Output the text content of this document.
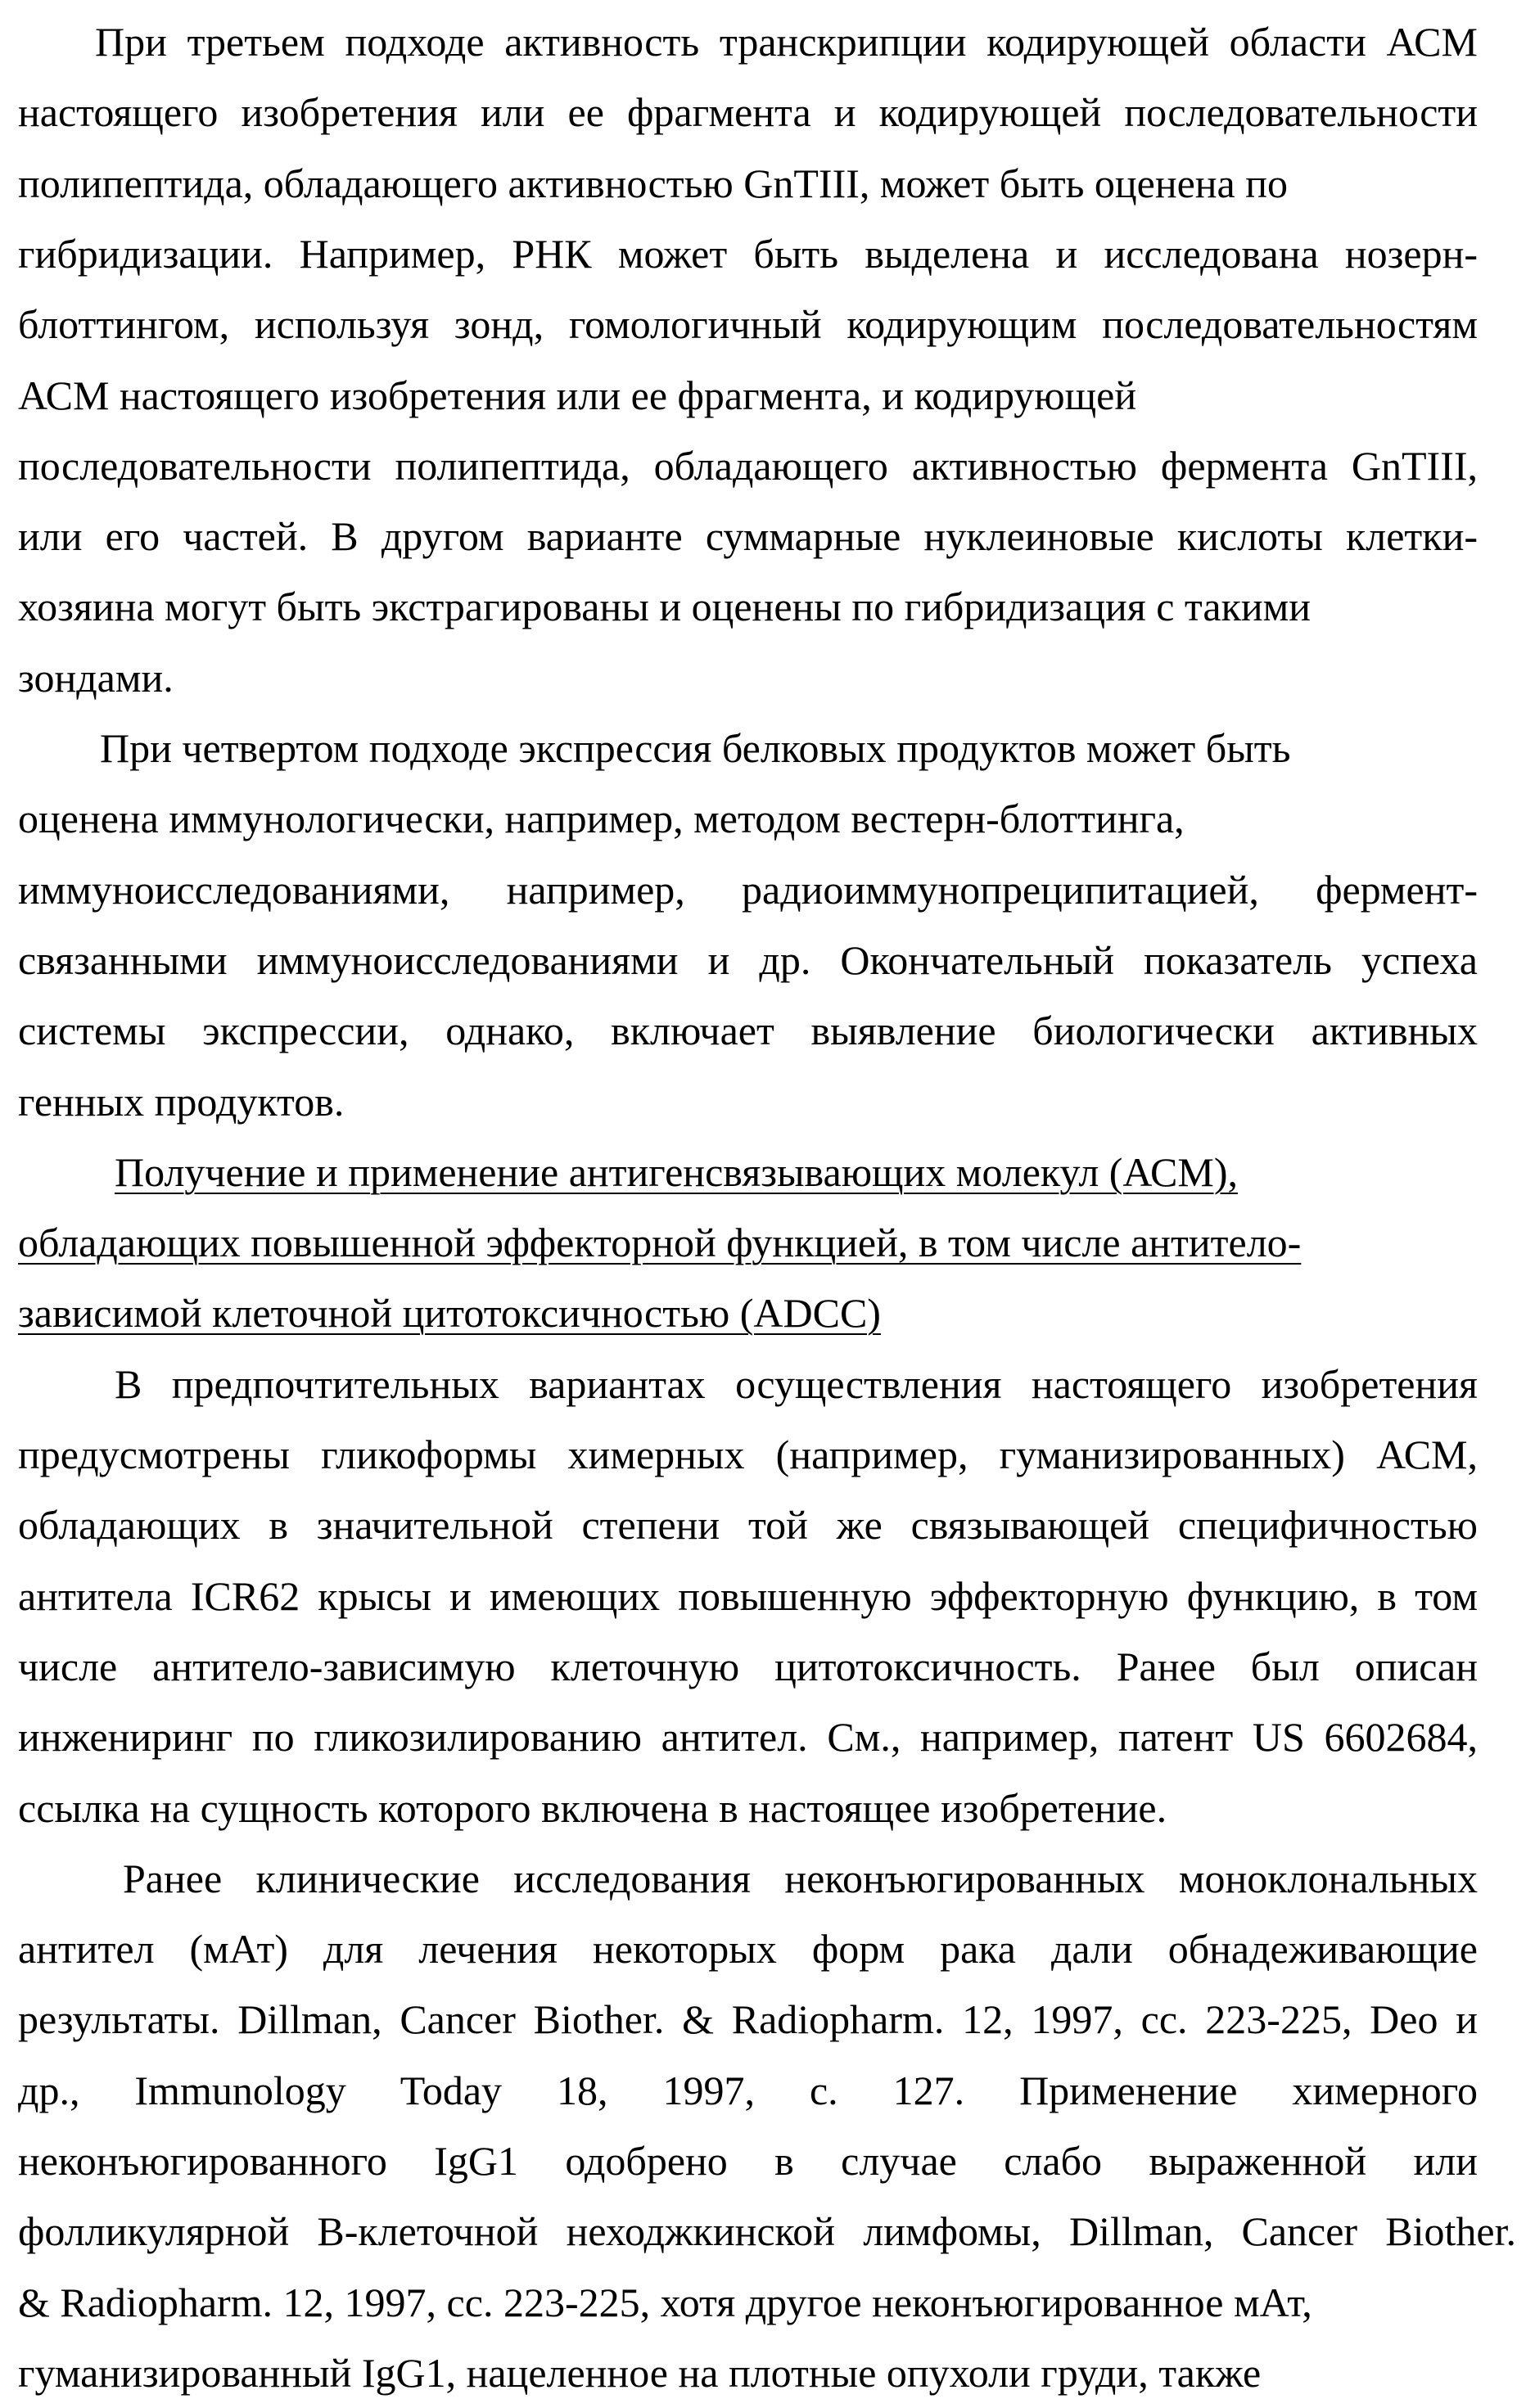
При третьем подходе активность транскрипции кодирующей области АСМ
настоящего изобретения или ее фрагмента и кодирующей последовательности
полипептида, обладающего активностью GnTIII, может быть оценена по
гибридизации. Например, РНК может быть выделена и исследована нозерн-
блоттингом, используя зонд, гомологичный кодирующим последовательностям
АСМ настоящего изобретения или ее фрагмента, и кодирующей
последовательности полипептида, обладающего активностью фермента GnTIII,
или его частей. В другом варианте суммарные нуклеиновые кислоты клетки-
хозяина могут быть экстрагированы и оценены по гибридизация с такими
зондами.
При четвертом подходе экспрессия белковых продуктов может быть
оценена иммунологически, например, методом вестерн-блоттинга,
иммуноисследованиями, например, радиоиммунопреципитацией, фермент-
связанными иммуноисследованиями и др. Окончательный показатель успеха
системы экспрессии, однако, включает выявление биологически активных
генных продуктов.
Получение и применение антигенсвязывающих молекул (АСМ),
обладающих повышенной эффекторной функцией, в том числе антитело-
зависимой клеточной цитотоксичностью (ADCC)
В предпочтительных вариантах осуществления настоящего изобретения
предусмотрены гликоформы химерных (например, гуманизированных) АСМ,
обладающих в значительной степени той же связывающей специфичностью
антитела ICR62 крысы и имеющих повышенную эффекторную функцию, в том
числе антитело-зависимую клеточную цитотоксичность. Ранее был описан
инжениринг по гликозилированию антител. См., например, патент US 6602684,
ссылка на сущность которого включена в настоящее изобретение.
Ранее клинические исследования неконъюгированных моноклональных
антител (мАт) для лечения некоторых форм рака дали обнадеживающие
результаты. Dillman, Cancer Biother. & Radiopharm. 12, 1997, сс. 223-225, Deo и
др., Immunology Today 18, 1997, с. 127. Применение химерного
неконъюгированного IgG1 одобрено в случае слабо выраженной или
фолликулярной В-клеточной неходжкинской лимфомы, Dillman, Cancer Biother.
& Radiopharm. 12, 1997, сс. 223-225, хотя другое неконъюгированное мАт,
гуманизированный IgG1, нацеленное на плотные опухоли груди, также
